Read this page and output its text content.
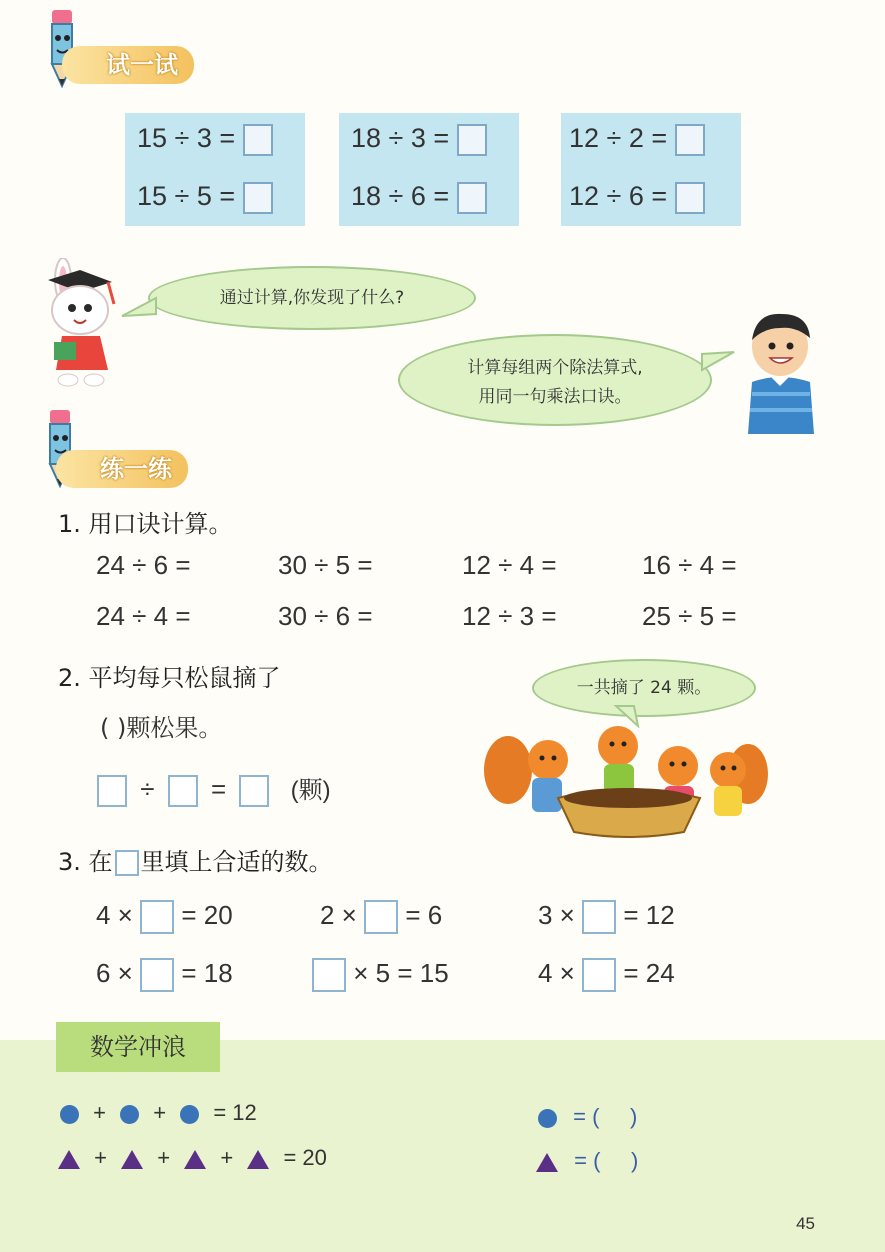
试一试
15 ÷ 3 =
15 ÷ 5 =
18 ÷ 3 =
18 ÷ 6 =
12 ÷ 2 =
12 ÷ 6 =
通过计算,你发现了什么?
计算每组两个除法算式,
用同一句乘法口诀。
练一练
1. 用口诀计算。
24 ÷ 6 =	30 ÷ 5 =	12 ÷ 4 =	16 ÷ 4 =
24 ÷ 4 =	30 ÷ 6 =	12 ÷ 3 =	25 ÷ 5 =
2. 平均每只松鼠摘了
( )颗松果。
÷ =	(颗)
一共摘了 24 颗。
3. 在 里填上合适的数。
4 × = 20	2 × = 6	3 × = 12
6 × = 18	× 5 = 15	4 × = 24
数学冲浪
+ + = 12
+ + + = 20
= (     )
= (     )
45
